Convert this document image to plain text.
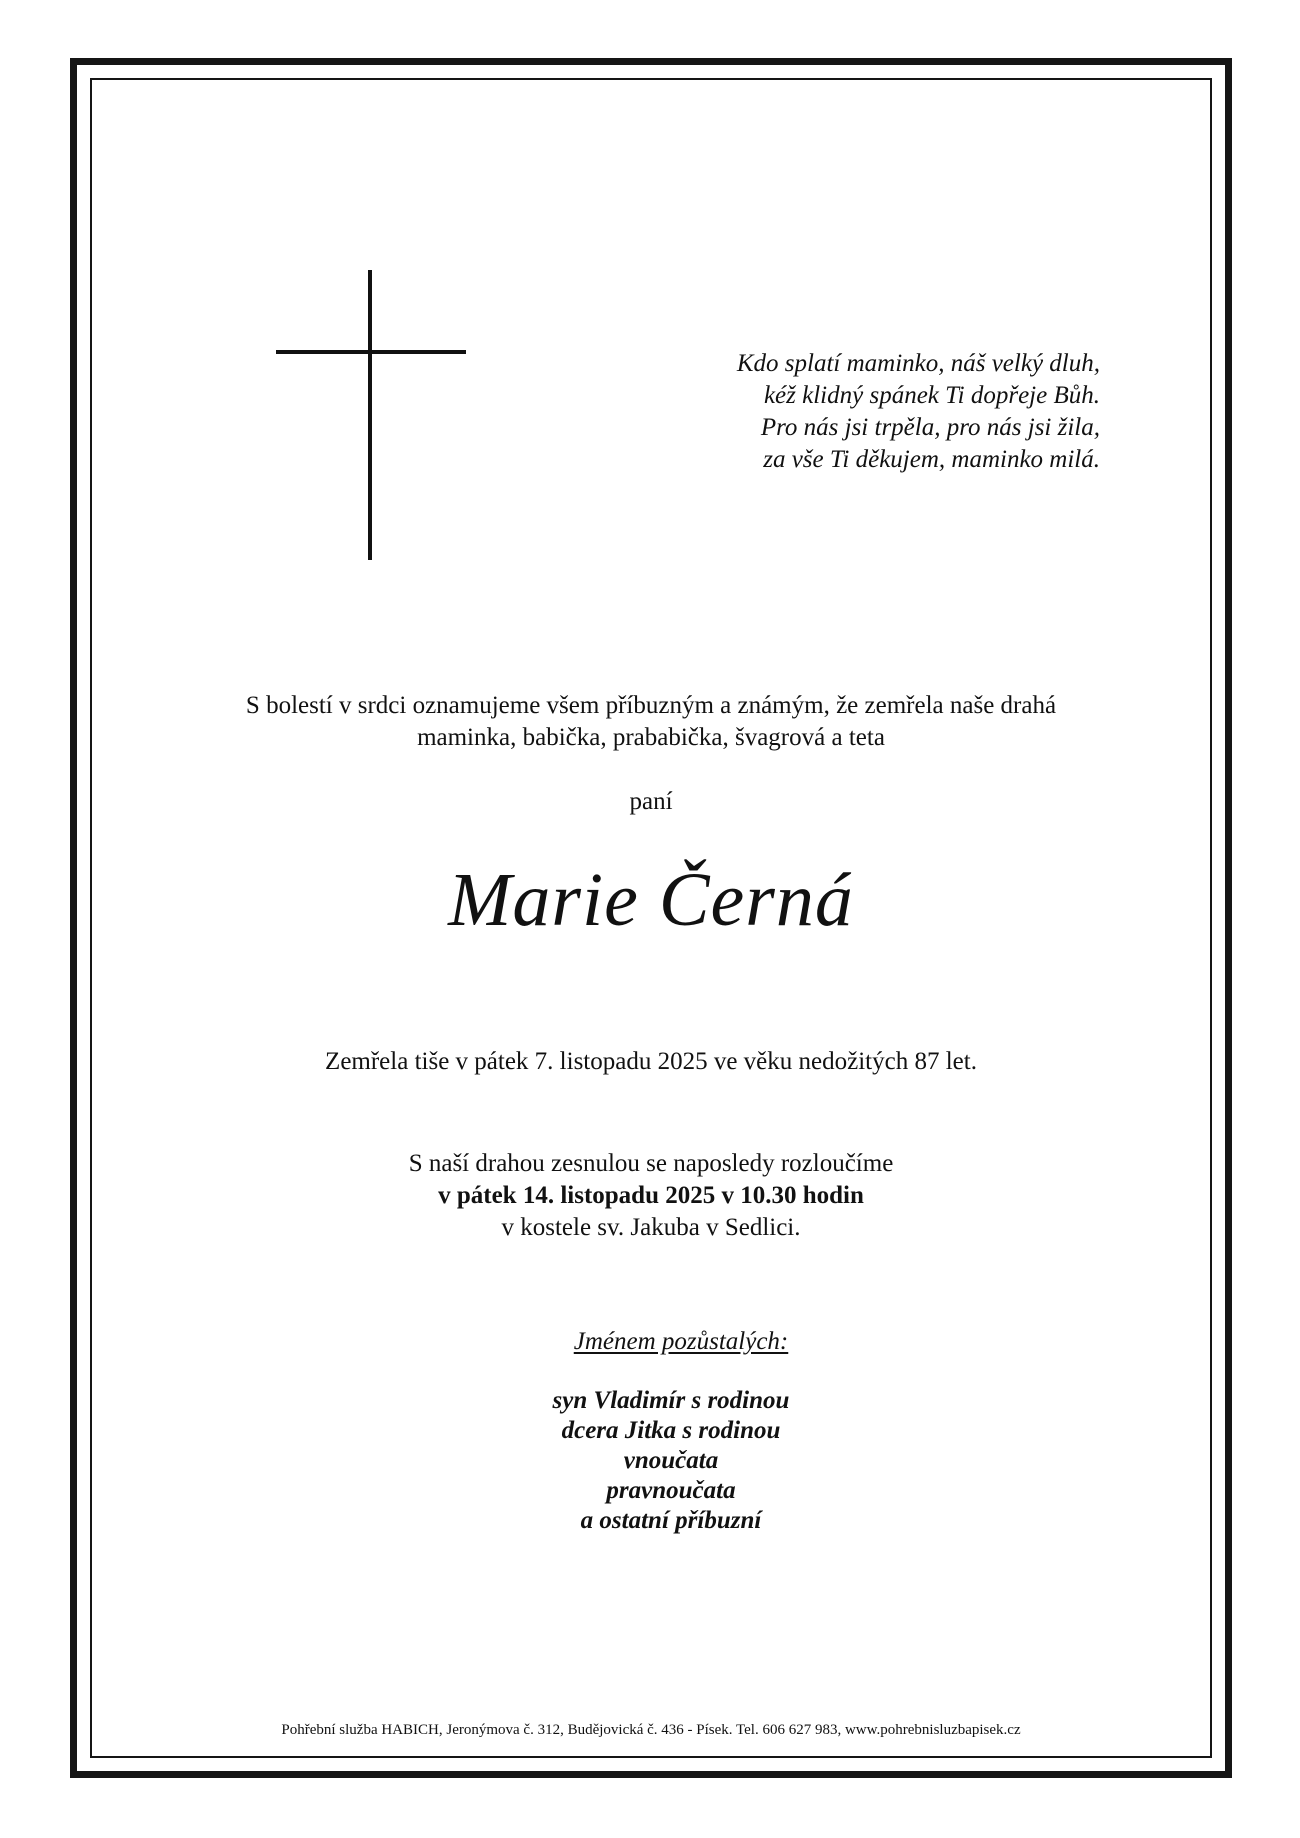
Kdo splatí maminko, náš velký dluh,
kéž klidný spánek Ti dopřeje Bůh.
Pro nás jsi trpěla, pro nás jsi žila,
za vše Ti děkujem, maminko milá.
S bolestí v srdci oznamujeme všem příbuzným a známým, že zemřela naše drahá
maminka, babička, prababička, švagrová a teta
paní
Marie Černá
Zemřela tiše v pátek 7. listopadu 2025 ve věku nedožitých 87 let.
S naší drahou zesnulou se naposledy rozloučíme
v pátek 14. listopadu 2025 v 10.30 hodin
v kostele sv. Jakuba v Sedlici.
Jménem pozůstalých:
syn Vladimír s rodinou
dcera Jitka s rodinou
vnoučata
pravnoučata
a ostatní příbuzní
Pohřební služba HABICH, Jeronýmova č. 312, Budějovická č. 436 - Písek. Tel. 606 627 983, www.pohrebnisluzbapisek.cz
